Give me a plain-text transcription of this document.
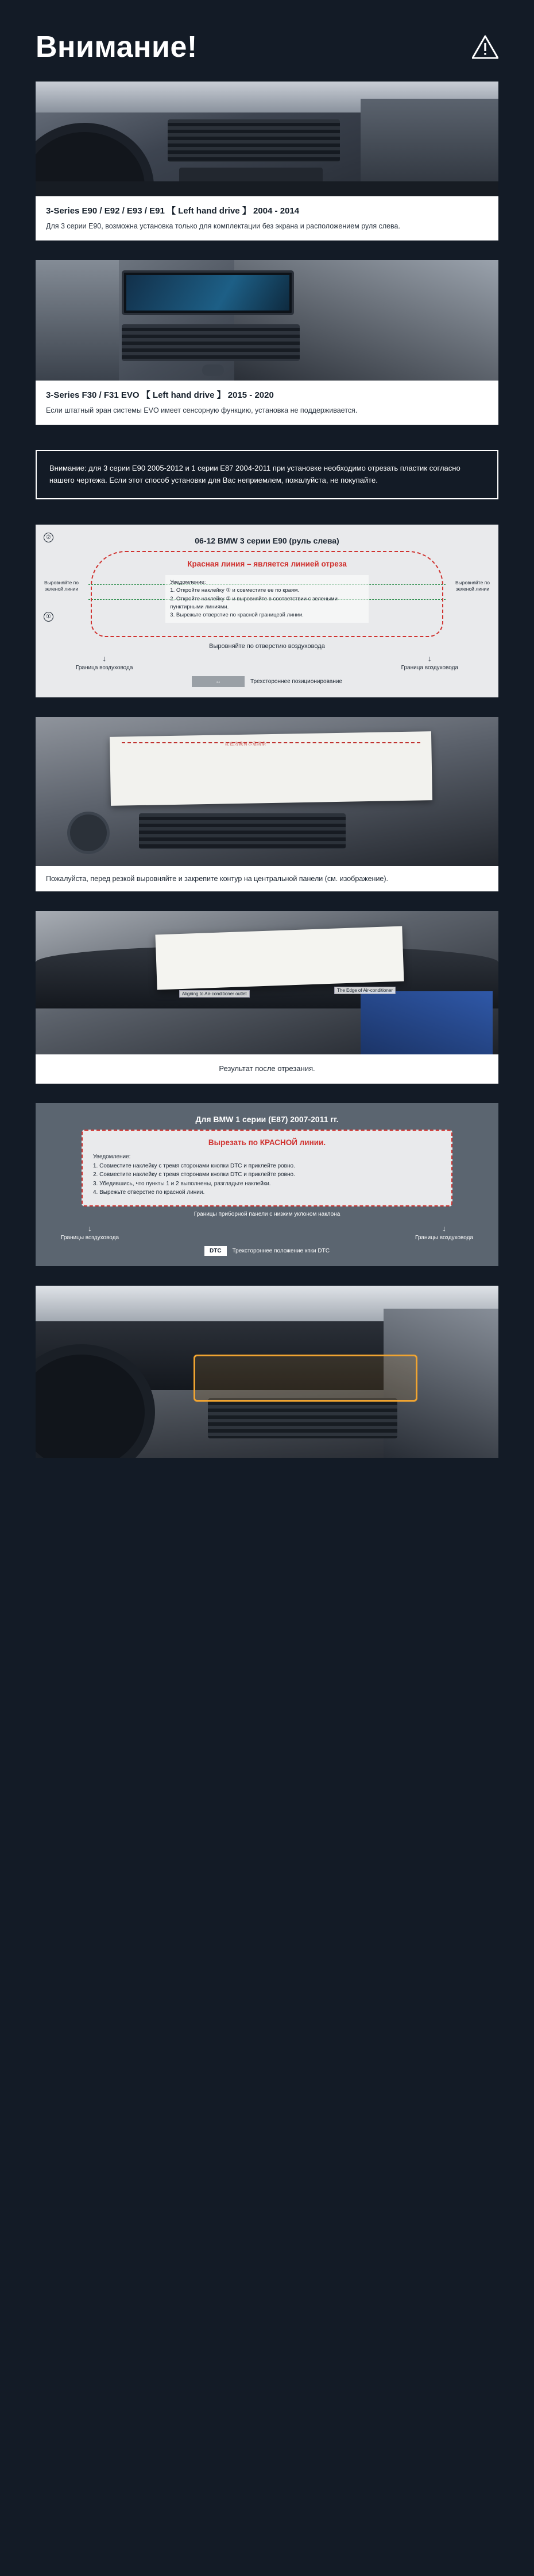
Внимание!
3-Series E90 / E92 / E93 / E91 【 Left hand drive 】 2004 - 2014
Для 3 серии E90, возможна установка только для комплектации без экрана и расположением руля слева.
3-Series F30 / F31 EVO 【 Left hand drive 】 2015 - 2020
Если штатный эран системы EVO имеет сенсорную функцию, установка не поддерживается.
Внимание: для 3 серии E90 2005-2012 и 1 серии E87 2004-2011 при установке необходимо отрезать пластик согласно нашего чертежа. Если этот способ установки для Вас неприемлем, пожалуйста, не покупайте.
②	06-12 BMW 3 серии E90 (руль слева)
①
Выровняйте по зеленой линии
Выровняйте по зеленой линии
Красная линия – является линией отреза
Уведомление:
1. Откройте наклейку ① и совместите ее по краям.
2. Откройте наклейку ② и выровняйте в соответствии с зелеными пунктирными линиями.
3. Вырежьте отверстие по красной границеэй линии.
Выровняйте по отверстию воздуховода
↓
Граница воздуховода
↓
Граница воздуховода
↔	Трехстороннее позиционирование
红色为裁剪示意线条
Пожалуйста, перед резкой выровняйте и закрепите контур на центральной панели (см. изображение).
Aligning to Air-conditioner outlet
The Edge of Air-conditioner
Результат после отрезания.
Для BMW 1 серии (E87) 2007-2011 гг.
Вырезать по КРАСНОЙ линии.
Уведомление:
1. Совместите наклейку с тремя сторонами кнопки DTC и приклейте ровно.
2. Совместите наклейку с тремя сторонами кнопки DTC и приклейте ровно.
3. Убедившись, что пункты 1 и 2 выполнены, разгладьте наклейки.
4. Вырежьте отверстие по красной линии.
Границы приборной панели с низким уклоном наклона
↓
Границы воздуховода
↓
Границы воздуховода
DTC	Трехстороннее положение кпки DTC
